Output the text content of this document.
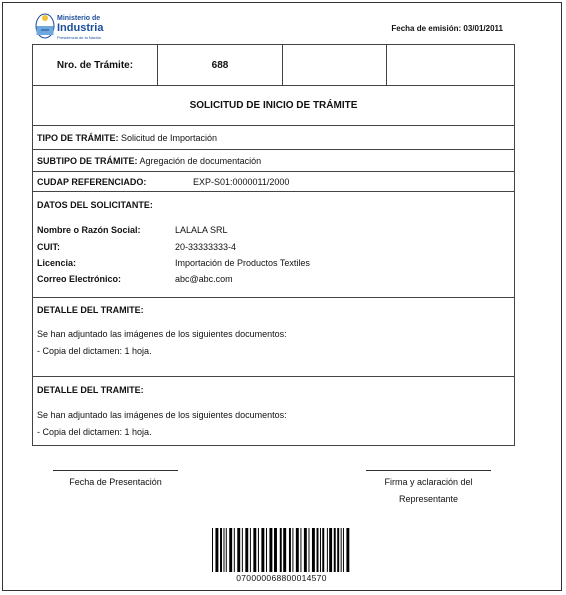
Ministerio de
Industria
Presidencia de la Nación
Fecha de emisión: 03/01/2011
Nro. de Trámite:	688
SOLICITUD DE INICIO DE TRÁMITE
TIPO DE TRÁMITE: Solicitud de Importación
SUBTIPO DE TRÁMITE: Agregación de documentación
CUDAP REFERENCIADO:	EXP-S01:0000011/2000
DATOS DEL SOLICITANTE:
Nombre o Razón Social:	LALALA SRL
CUIT:	20-33333333-4
Licencia:	Importación de Productos Textiles
Correo Electrónico:	abc@abc.com
DETALLE DEL TRAMITE:
Se han adjuntado las imágenes de los siguientes documentos:
- Copia del dictamen: 1 hoja.
DETALLE DEL TRAMITE:
Se han adjuntado las imágenes de los siguientes documentos:
- Copia del dictamen: 1 hoja.
Fecha de Presentación	Firma y aclaración del
Representante
070000068800014570
